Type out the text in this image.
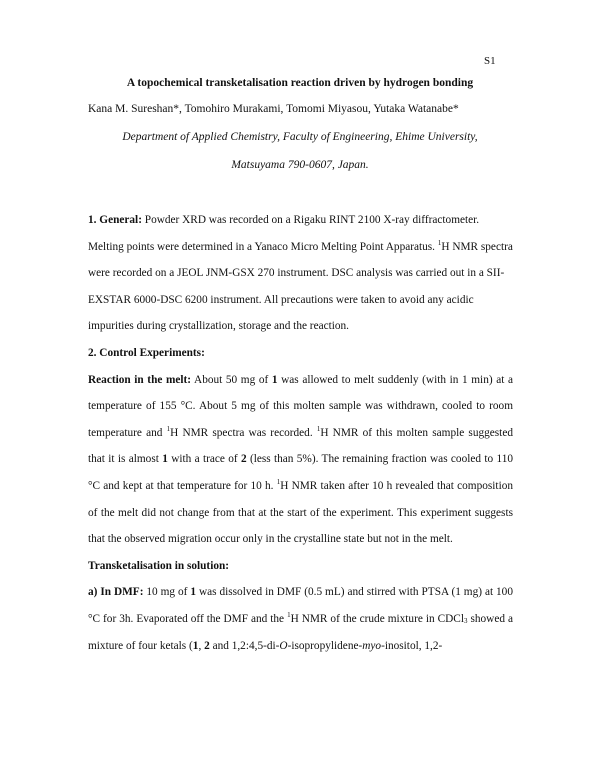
S1
A topochemical transketalisation reaction driven by hydrogen bonding
Kana M. Sureshan*, Tomohiro Murakami, Tomomi Miyasou, Yutaka Watanabe*
Department of Applied Chemistry, Faculty of Engineering, Ehime University,
Matsuyama 790-0607, Japan.

1. General: Powder XRD was recorded on a Rigaku RINT 2100 X-ray diffractometer. Melting points were determined in a Yanaco Micro Melting Point Apparatus. $^1$H NMR spectra were recorded on a JEOL JNM-GSX 270 instrument. DSC analysis was carried out in a SII-EXSTAR 6000-DSC 6200 instrument. All precautions were taken to avoid any acidic impurities during crystallization, storage and the reaction.

2. Control Experiments:

Reaction in the melt: About 50 mg of 1 was allowed to melt suddenly (with in 1 min) at a temperature of 155 °C. About 5 mg of this molten sample was withdrawn, cooled to room temperature and $^1$H NMR spectra was recorded. $^1$H NMR of this molten sample suggested that it is almost 1 with a trace of 2 (less than 5%). The remaining fraction was cooled to 110 °C and kept at that temperature for 10 h. $^1$H NMR taken after 10 h revealed that composition of the melt did not change from that at the start of the experiment. This experiment suggests that the observed migration occur only in the crystalline state but not in the melt.

Transketalisation in solution:

a) In DMF: 10 mg of 1 was dissolved in DMF (0.5 mL) and stirred with PTSA (1 mg) at 100 °C for 3h. Evaporated off the DMF and the $^1$H NMR of the crude mixture in CDCl$_3$ showed a mixture of four ketals (1, 2 and 1,2:4,5-di-O-isopropylidene-myo-inositol, 1,2-
